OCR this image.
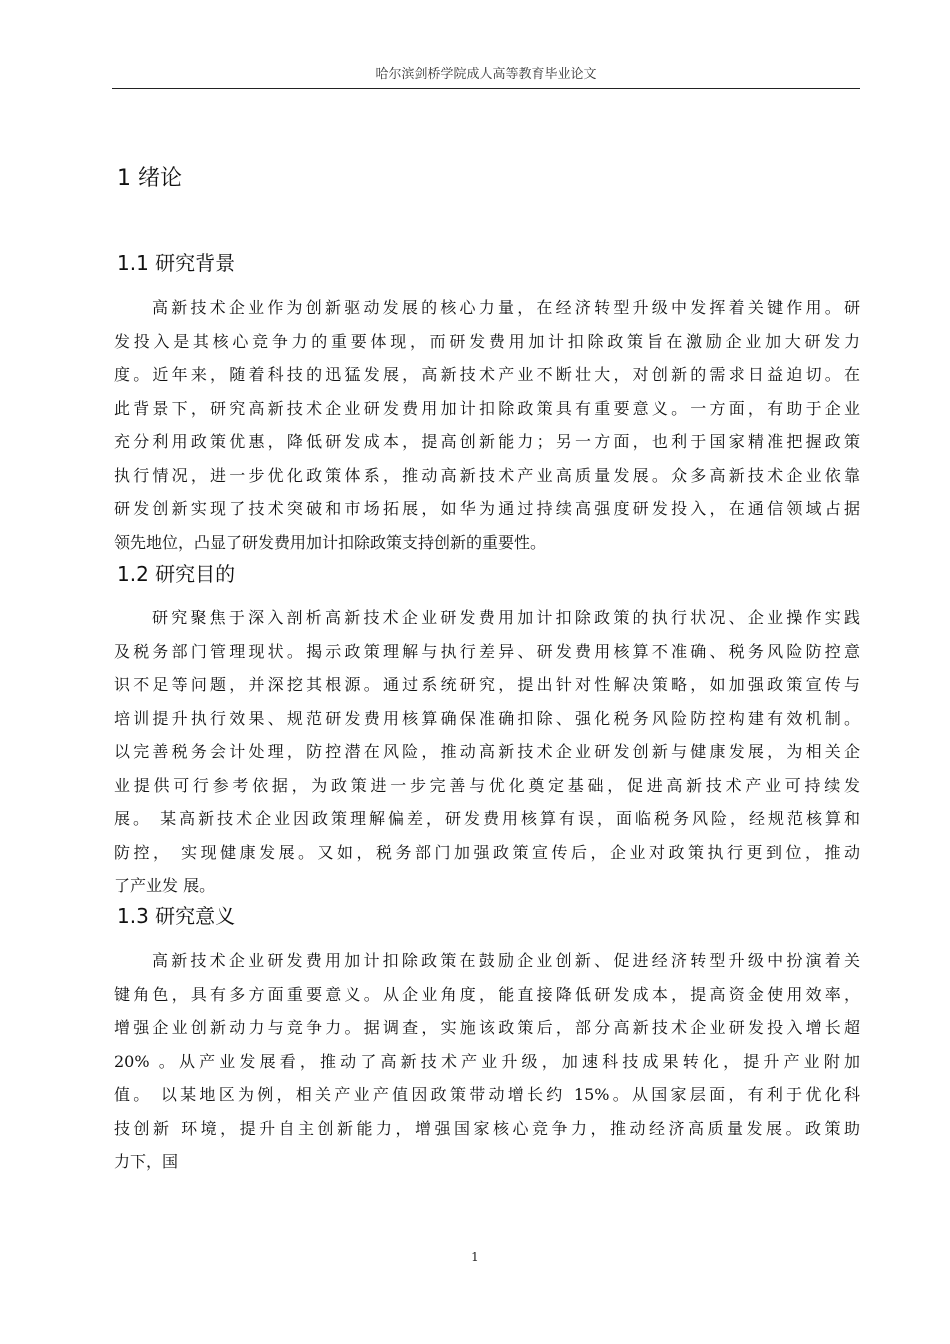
哈尔滨剑桥学院成人高等教育毕业论文
1 绪论
1.1 研究背景
高新技术企业作为创新驱动发展的核心力量，在经济转型升级中发挥着关键作用。研
发投入是其核心竞争力的重要体现，而研发费用加计扣除政策旨在激励企业加大研发力
度。近年来，随着科技的迅猛发展，高新技术产业不断壮大，对创新的需求日益迫切。在
此背景下，研究高新技术企业研发费用加计扣除政策具有重要意义。一方面，有助于企业
充分利用政策优惠，降低研发成本，提高创新能力；另一方面，也利于国家精准把握政策
执行情况，进一步优化政策体系，推动高新技术产业高质量发展。众多高新技术企业依靠
研发创新实现了技术突破和市场拓展，如华为通过持续高强度研发投入，在通信领域占据
领先地位，凸显了研发费用加计扣除政策支持创新的重要性。
1.2 研究目的
研究聚焦于深入剖析高新技术企业研发费用加计扣除政策的执行状况、企业操作实践
及税务部门管理现状。揭示政策理解与执行差异、研发费用核算不准确、税务风险防控意
识不足等问题，并深挖其根源。通过系统研究，提出针对性解决策略，如加强政策宣传与
培训提升执行效果、规范研发费用核算确保准确扣除、强化税务风险防控构建有效机制。
以完善税务会计处理，防控潜在风险，推动高新技术企业研发创新与健康发展，为相关企
业提供可行参考依据，为政策进一步完善与优化奠定基础，促进高新技术产业可持续发
展。 某高新技术企业因政策理解偏差，研发费用核算有误，面临税务风险，经规范核算和
防控， 实现健康发展。又如，税务部门加强政策宣传后，企业对政策执行更到位，推动
了产业发 展。
1.3 研究意义
高新技术企业研发费用加计扣除政策在鼓励企业创新、促进经济转型升级中扮演着关
键角色，具有多方面重要意义。从企业角度，能直接降低研发成本，提高资金使用效率，
增强企业创新动力与竞争力。据调查，实施该政策后，部分高新技术企业研发投入增长超
20% 。从产业发展看，推动了高新技术产业升级，加速科技成果转化，提升产业附加
值。 以某地区为例，相关产业产值因政策带动增长约 15%。从国家层面，有利于优化科
技创新 环境，提升自主创新能力，增强国家核心竞争力，推动经济高质量发展。政策助
力下，国
1
